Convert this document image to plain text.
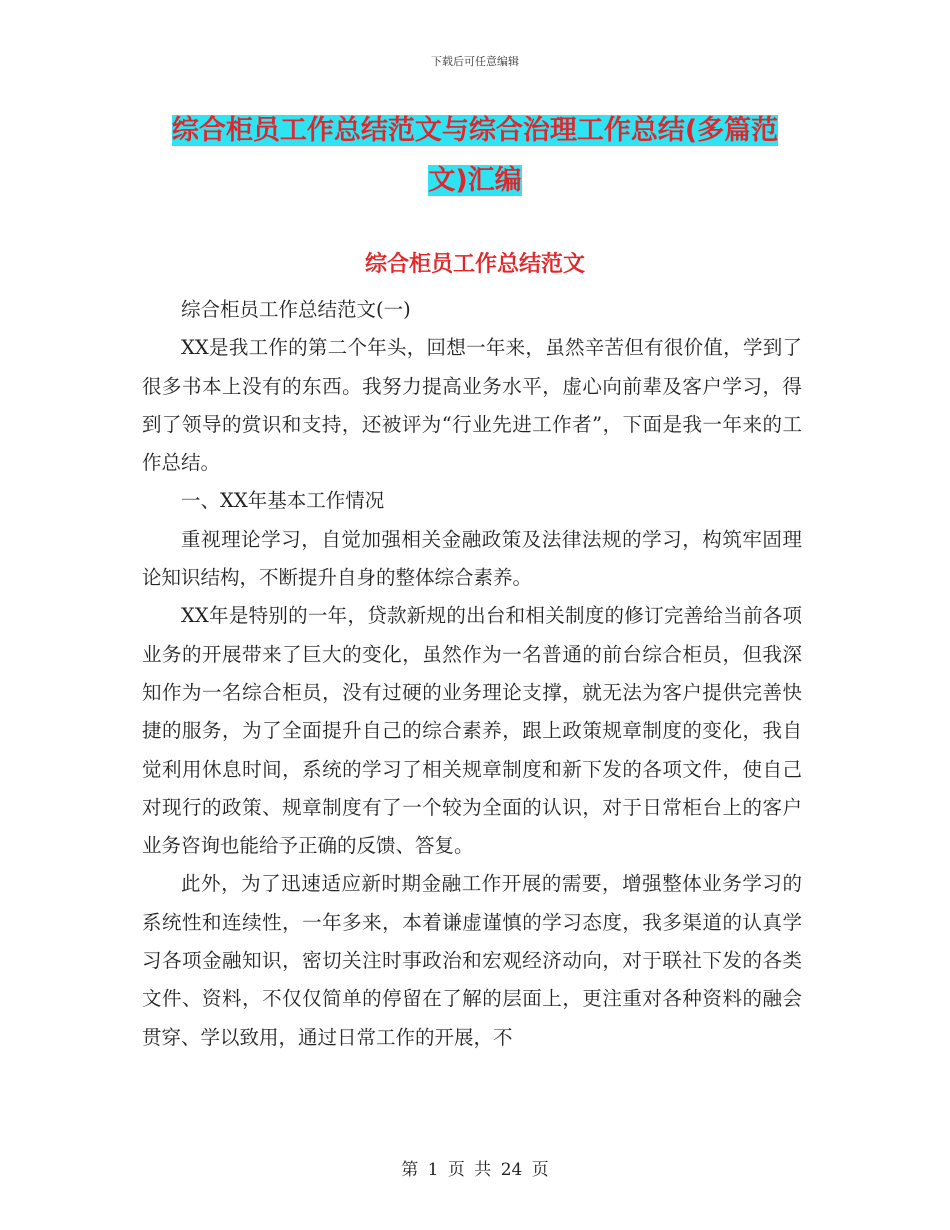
下载后可任意编辑
综合柜员工作总结范文与综合治理工作总结(多篇范
文)汇编
综合柜员工作总结范文

综合柜员工作总结范文(一)

XX是我工作的第二个年头，回想一年来，虽然辛苦但有很价值，学到了很多书本上没有的东西。我努力提高业务水平，虚心向前辈及客户学习，得到了领导的赏识和支持，还被评为“行业先进工作者”，下面是我一年来的工作总结。

一、XX年基本工作情况

重视理论学习，自觉加强相关金融政策及法律法规的学习，构筑牢固理论知识结构，不断提升自身的整体综合素养。

XX年是特别的一年，贷款新规的出台和相关制度的修订完善给当前各项业务的开展带来了巨大的变化，虽然作为一名普通的前台综合柜员，但我深知作为一名综合柜员，没有过硬的业务理论支撑，就无法为客户提供完善快捷的服务，为了全面提升自己的综合素养，跟上政策规章制度的变化，我自觉利用休息时间，系统的学习了相关规章制度和新下发的各项文件，使自己对现行的政策、规章制度有了一个较为全面的认识，对于日常柜台上的客户业务咨询也能给予正确的反馈、答复。

此外，为了迅速适应新时期金融工作开展的需要，增强整体业务学习的系统性和连续性，一年多来，本着谦虚谨慎的学习态度，我多渠道的认真学习各项金融知识，密切关注时事政治和宏观经济动向，对于联社下发的各类文件、资料，不仅仅简单的停留在了解的层面上，更注重对各种资料的融会贯穿、学以致用，通过日常工作的开展，不

第 1 页 共 24 页
